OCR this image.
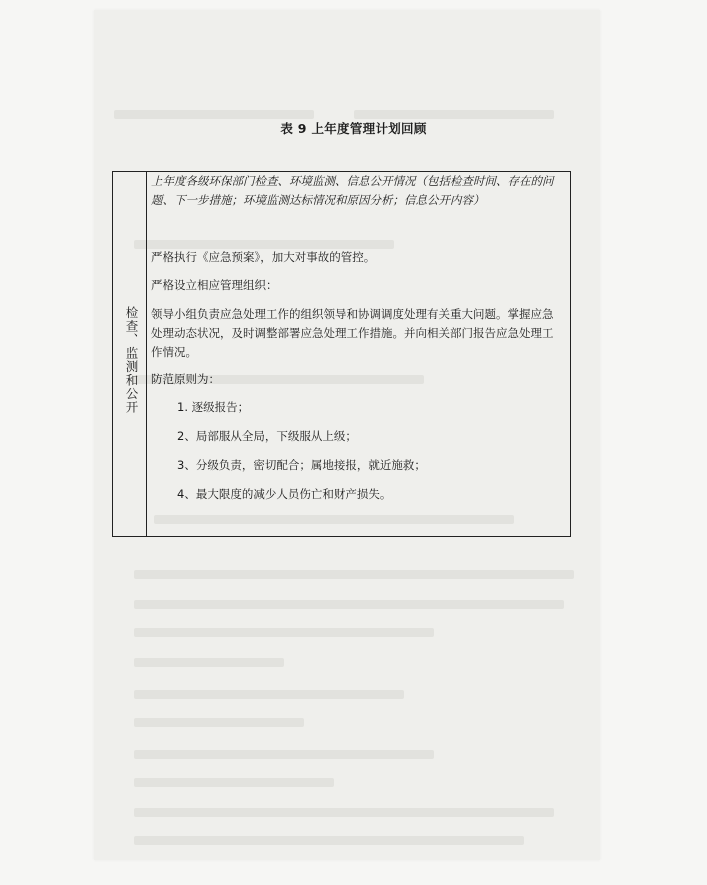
表 9 上年度管理计划回顾
检查、监测和公开

上年度各级环保部门检查、环境监测、信息公开情况（包括检查时间、存在的问题、下一步措施；环境监测达标情况和原因分析；信息公开内容）

严格执行《应急预案》，加大对事故的管控。

严格设立相应管理组织：

领导小组负责应急处理工作的组织领导和协调调度处理有关重大问题。掌握应急处理动态状况，及时调整部署应急处理工作措施。并向相关部门报告应急处理工作情况。

防范原则为：

1. 逐级报告；

2、局部服从全局，下级服从上级；

3、分级负责，密切配合；属地接报，就近施救；

4、最大限度的减少人员伤亡和财产损失。
